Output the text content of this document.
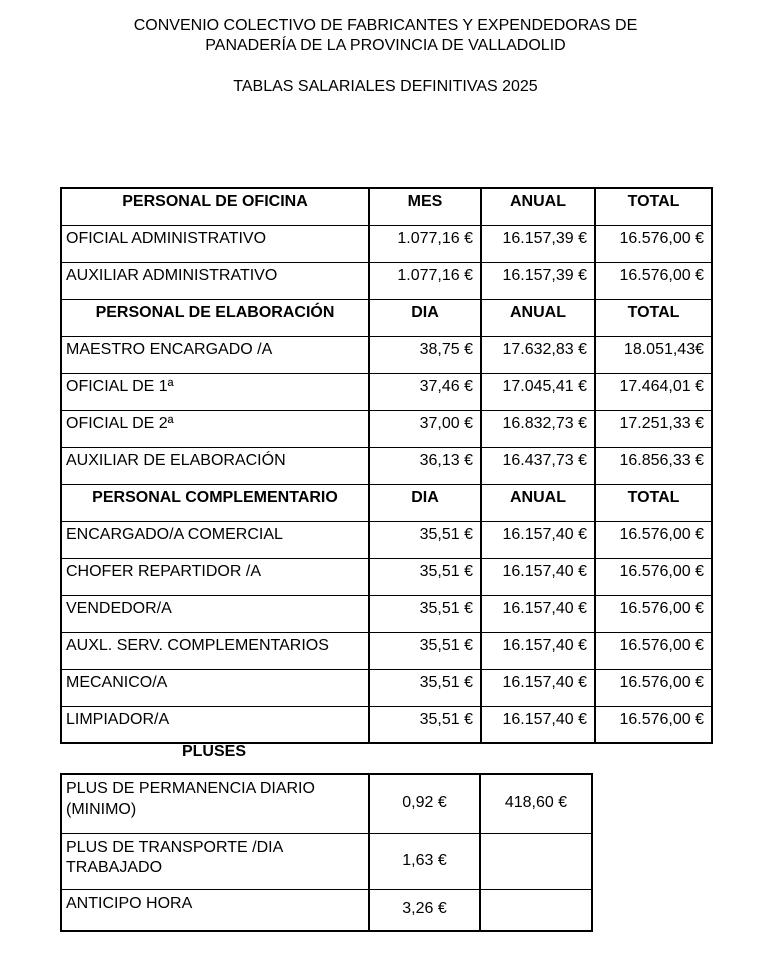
CONVENIO COLECTIVO DE FABRICANTES Y EXPENDEDORAS DE
PANADERÍA DE LA PROVINCIA DE VALLADOLID
TABLAS SALARIALES DEFINITIVAS 2025
PERSONAL DE OFICINA	MES	ANUAL	TOTAL
OFICIAL ADMINISTRATIVO	1.077,16 €	16.157,39 €	16.576,00 €
AUXILIAR ADMINISTRATIVO	1.077,16 €	16.157,39 €	16.576,00 €
PERSONAL DE ELABORACIÓN	DIA	ANUAL	TOTAL
MAESTRO ENCARGADO /A	38,75 €	17.632,83 €	18.051,43€
OFICIAL DE 1ª	37,46 €	17.045,41 €	17.464,01 €
OFICIAL DE 2ª	37,00 €	16.832,73 €	17.251,33 €
AUXILIAR DE ELABORACIÓN	36,13 €	16.437,73 €	16.856,33 €
PERSONAL COMPLEMENTARIO	DIA	ANUAL	TOTAL
ENCARGADO/A COMERCIAL	35,51 €	16.157,40 €	16.576,00 €
CHOFER REPARTIDOR /A	35,51 €	16.157,40 €	16.576,00 €
VENDEDOR/A	35,51 €	16.157,40 €	16.576,00 €
AUXL. SERV. COMPLEMENTARIOS	35,51 €	16.157,40 €	16.576,00 €
MECANICO/A	35,51 €	16.157,40 €	16.576,00 €
LIMPIADOR/A	35,51 €	16.157,40 €	16.576,00 €
PLUSES
PLUS DE PERMANENCIA DIARIO (MINIMO)	0,92 €	418,60 €
PLUS DE TRANSPORTE /DIA TRABAJADO	1,63 €	
ANTICIPO HORA	3,26 €	
